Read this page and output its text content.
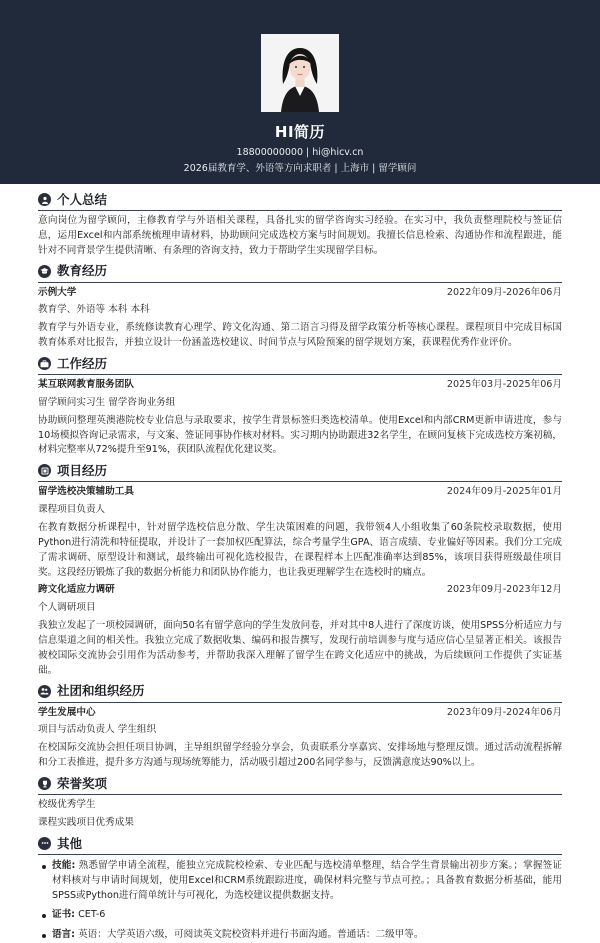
HI简历
18800000000 | hi@hicv.cn
2026届教育学、外语等方向求职者 | 上海市 | 留学顾问
个人总结
意向岗位为留学顾问，主修教育学与外语相关课程，具备扎实的留学咨询实习经验。在实习中，我负责整理院校与签证信息，运用Excel和内部系统梳理申请材料，协助顾问完成选校方案与时间规划。我擅长信息检索、沟通协作和流程跟进，能针对不同背景学生提供清晰、有条理的咨询支持，致力于帮助学生实现留学目标。
教育经历
示例大学	2022年09月-2026年06月
教育学、外语等 本科 本科
教育学与外语专业，系统修读教育心理学、跨文化沟通、第二语言习得及留学政策分析等核心课程。课程项目中完成目标国教育体系对比报告，并独立设计一份涵盖选校建议、时间节点与风险预案的留学规划方案，获课程优秀作业评价。
工作经历
某互联网教育服务团队	2025年03月-2025年06月
留学顾问实习生 留学咨询业务组
协助顾问整理英澳港院校专业信息与录取要求，按学生背景标签归类选校清单。使用Excel和内部CRM更新申请进度，参与10场模拟咨询记录需求，与文案、签证同事协作核对材料。实习期内协助跟进32名学生，在顾问复核下完成选校方案初稿，材料完整率从72%提升至91%，获团队流程优化建议奖。
项目经历
留学选校决策辅助工具	2024年09月-2025年01月
课程项目负责人
在教育数据分析课程中，针对留学选校信息分散、学生决策困难的问题，我带领4人小组收集了60条院校录取数据，使用Python进行清洗和特征提取，并设计了一套加权匹配算法，综合考量学生GPA、语言成绩、专业偏好等因素。我们分工完成了需求调研、原型设计和测试，最终输出可视化选校报告，在课程样本上匹配准确率达到85%，该项目获得班级最佳项目奖。这段经历锻炼了我的数据分析能力和团队协作能力，也让我更理解学生在选校时的痛点。
跨文化适应力调研	2023年09月-2023年12月
个人调研项目
我独立发起了一项校园调研，面向50名有留学意向的学生发放问卷，并对其中8人进行了深度访谈，使用SPSS分析适应力与信息渠道之间的相关性。我独立完成了数据收集、编码和报告撰写，发现行前培训参与度与适应信心呈显著正相关。该报告被校国际交流协会引用作为活动参考，并帮助我深入理解了留学生在跨文化适应中的挑战，为后续顾问工作提供了实证基础。
社团和组织经历
学生发展中心	2023年09月-2024年06月
项目与活动负责人 学生组织
在校国际交流协会担任项目协调，主导组织留学经验分享会，负责联系分享嘉宾、安排场地与整理反馈。通过活动流程拆解和分工表推进，提升多方沟通与现场统筹能力，活动吸引超过200名同学参与，反馈满意度达90%以上。
荣誉奖项
校级优秀学生
课程实践项目优秀成果
其他
技能: 熟悉留学申请全流程，能独立完成院校检索、专业匹配与选校清单整理，结合学生背景输出初步方案。；掌握签证材料核对与申请时间规划，使用Excel和CRM系统跟踪进度，确保材料完整与节点可控。；具备教育数据分析基础，能用SPSS或Python进行简单统计与可视化，为选校建议提供数据支持。
证书: CET-6
语言: 英语：大学英语六级，可阅读英文院校资料并进行书面沟通。普通话：二级甲等。
